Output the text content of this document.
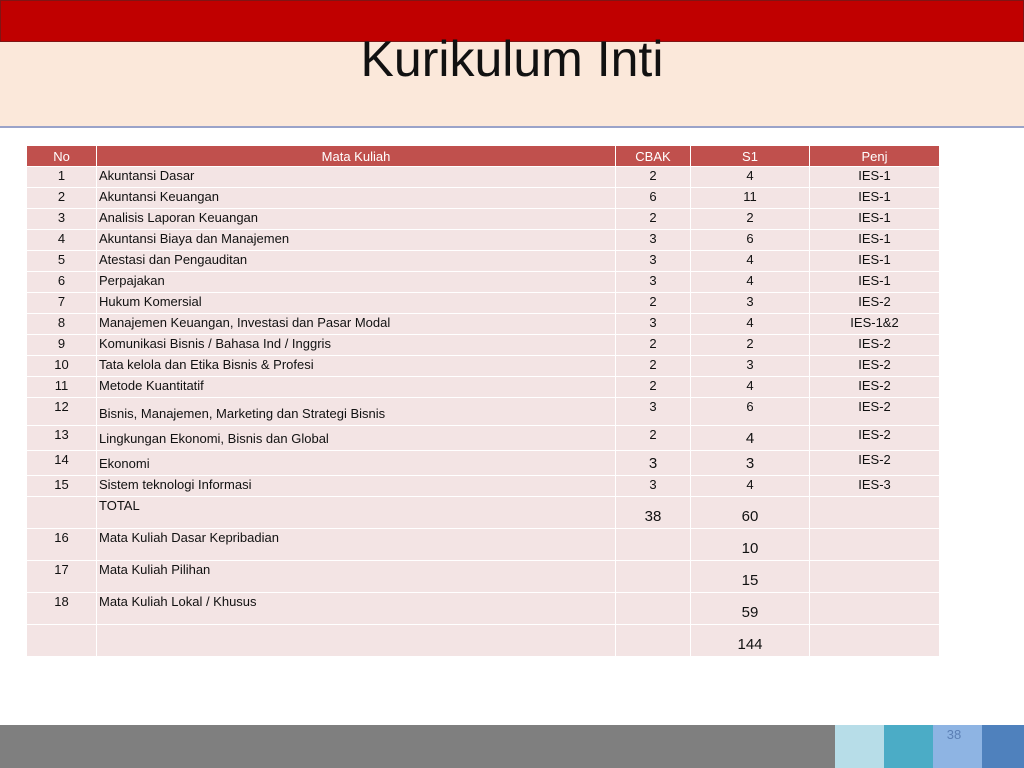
Kurikulum Inti
No	Mata Kuliah	CBAK	S1	Penj
1	Akuntansi Dasar	2	4	IES-1
2	Akuntansi Keuangan	6	11	IES-1
3	Analisis Laporan Keuangan	2	2	IES-1
4	Akuntansi Biaya dan Manajemen	3	6	IES-1
5	Atestasi dan Pengauditan	3	4	IES-1
6	Perpajakan	3	4	IES-1
7	Hukum Komersial	2	3	IES-2
8	Manajemen Keuangan, Investasi dan Pasar Modal	3	4	IES-1&2
9	Komunikasi Bisnis / Bahasa Ind / Inggris	2	2	IES-2
10	Tata kelola dan Etika Bisnis & Profesi	2	3	IES-2
11	Metode Kuantitatif	2	4	IES-2
12	Bisnis, Manajemen, Marketing dan Strategi Bisnis	3	6	IES-2
13	Lingkungan Ekonomi, Bisnis dan Global	2	4	IES-2
14	Ekonomi	3	3	IES-2
15	Sistem teknologi Informasi	3	4	IES-3
	TOTAL	38	60	
16	Mata Kuliah Dasar Kepribadian		10	
17	Mata Kuliah Pilihan		15	
18	Mata Kuliah Lokal / Khusus		59	
			144	
38
